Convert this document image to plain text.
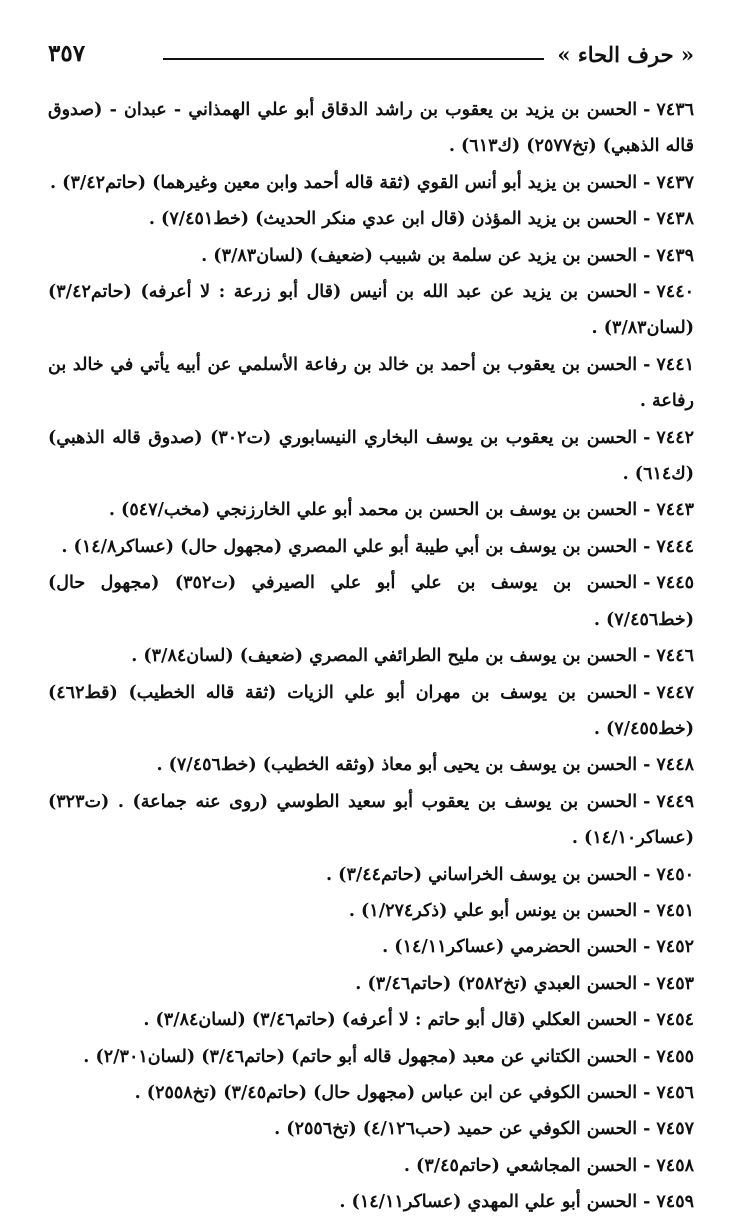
« حرف الحاء »
٣٥٧
٧٤٣٦-الحسن بن يزيد بن يعقوب بن راشد الدقاق أبو علي الهمذاني - عبدان - (صدوق قاله الذهبي) (تخ٢٥٧٧) (ك٦١٣) .
٧٤٣٧-الحسن بن يزيد أبو أنس القوي (ثقة قاله أحمد وابن معين وغيرهما) (حاتم٣/٤٢) .
٧٤٣٨-الحسن بن يزيد المؤذن (قال ابن عدي منكر الحديث) (خط٧/٤٥١) .
٧٤٣٩-الحسن بن يزيد عن سلمة بن شبيب (ضعيف) (لسان٣/٨٣) .
٧٤٤٠-الحسن بن يزيد عن عبد الله بن أنيس (قال أبو زرعة : لا أعرفه) (حاتم٣/٤٢) (لسان٣/٨٣) .
٧٤٤١-الحسن بن يعقوب بن أحمد بن خالد بن رفاعة الأسلمي عن أبيه يأتي في خالد بن رفاعة .
٧٤٤٢-الحسن بن يعقوب بن يوسف البخاري النيسابوري (ت٣٠٢) (صدوق قاله الذهبي) (ك٦١٤) .
٧٤٤٣-الحسن بن يوسف بن الحسن بن محمد أبو علي الخارزنجي (مخب/٥٤٧) .
٧٤٤٤-الحسن بن يوسف بن أبي طيبة أبو علي المصري (مجهول حال) (عساكر١٤/٨) .
٧٤٤٥-الحسن بن يوسف بن علي أبو علي الصيرفي (ت٣٥٢) (مجهول حال) (خط٧/٤٥٦) .
٧٤٤٦-الحسن بن يوسف بن مليح الطرائفي المصري (ضعيف) (لسان٣/٨٤) .
٧٤٤٧-الحسن بن يوسف بن مهران أبو علي الزيات (ثقة قاله الخطيب) (قط٤٦٢) (خط٧/٤٥٥) .
٧٤٤٨-الحسن بن يوسف بن يحيى أبو معاذ (وثقه الخطيب) (خط٧/٤٥٦) .
٧٤٤٩-الحسن بن يوسف بن يعقوب أبو سعيد الطوسي (روى عنه جماعة) . (ت٣٢٣) (عساكر١٤/١٠) .
٧٤٥٠-الحسن بن يوسف الخراساني (حاتم٣/٤٤) .
٧٤٥١-الحسن بن يونس أبو علي (ذكر١/٢٧٤) .
٧٤٥٢-الحسن الحضرمي (عساكر١٤/١١) .
٧٤٥٣-الحسن العبدي (تخ٢٥٨٢) (حاتم٣/٤٦) .
٧٤٥٤-الحسن العكلي (قال أبو حاتم : لا أعرفه) (حاتم٣/٤٦) (لسان٣/٨٤) .
٧٤٥٥-الحسن الكتاني عن معبد (مجهول قاله أبو حاتم) (حاتم٣/٤٦) (لسان٢/٣٠١) .
٧٤٥٦-الحسن الكوفي عن ابن عباس (مجهول حال) (حاتم٣/٤٥) (تخ٢٥٥٨) .
٧٤٥٧-الحسن الكوفي عن حميد (حب٤/١٢٦) (تخ٢٥٥٦) .
٧٤٥٨-الحسن المجاشعي (حاتم٣/٤٥) .
٧٤٥٩-الحسن أبو علي المهدي (عساكر١٤/١١) .
